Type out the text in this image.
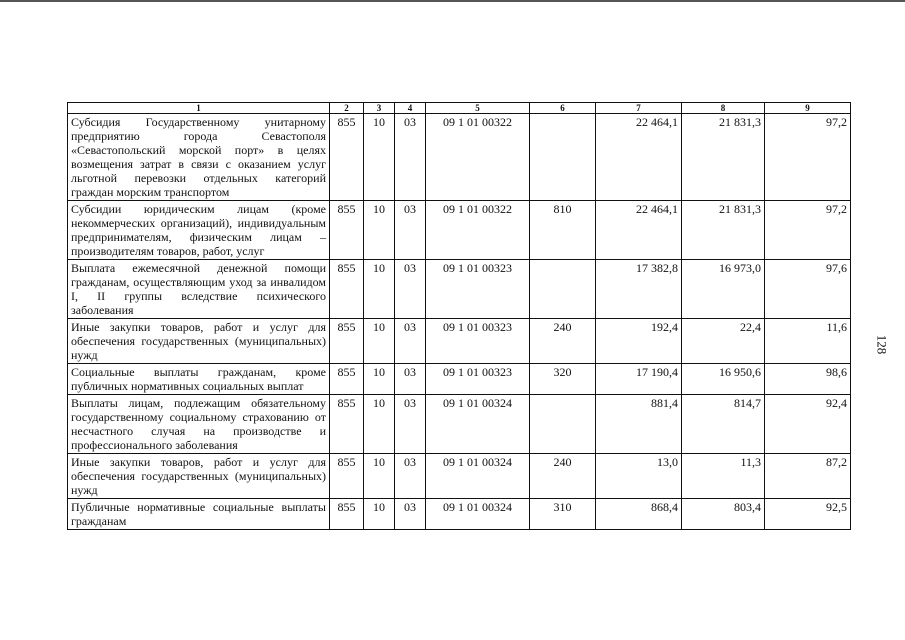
128
1	2	3	4	5	6	7	8	9
Субсидия Государственному унитарному предприятию города Севастополя «Севастопольский морской порт» в целях возмещения затрат в связи с оказанием услуг льготной перевозки отдельных категорий граждан морским транспортом	855	10	03	09 1 01 00322		22 464,1	21 831,3	97,2
Субсидии юридическим лицам (кроме некоммерческих организаций), индивидуальным предпринимателям, физическим лицам – производителям товаров, работ, услуг	855	10	03	09 1 01 00322	810	22 464,1	21 831,3	97,2
Выплата ежемесячной денежной помощи гражданам, осуществляющим уход за инвалидом I, II группы вследствие психического заболевания	855	10	03	09 1 01 00323		17 382,8	16 973,0	97,6
Иные закупки товаров, работ и услуг для обеспечения государственных (муниципальных) нужд	855	10	03	09 1 01 00323	240	192,4	22,4	11,6
Социальные выплаты гражданам, кроме публичных нормативных социальных выплат	855	10	03	09 1 01 00323	320	17 190,4	16 950,6	98,6
Выплаты лицам, подлежащим обязательному государственному социальному страхованию от несчастного случая на производстве и профессионального заболевания	855	10	03	09 1 01 00324		881,4	814,7	92,4
Иные закупки товаров, работ и услуг для обеспечения государственных (муниципальных) нужд	855	10	03	09 1 01 00324	240	13,0	11,3	87,2
Публичные нормативные социальные выплаты гражданам	855	10	03	09 1 01 00324	310	868,4	803,4	92,5
